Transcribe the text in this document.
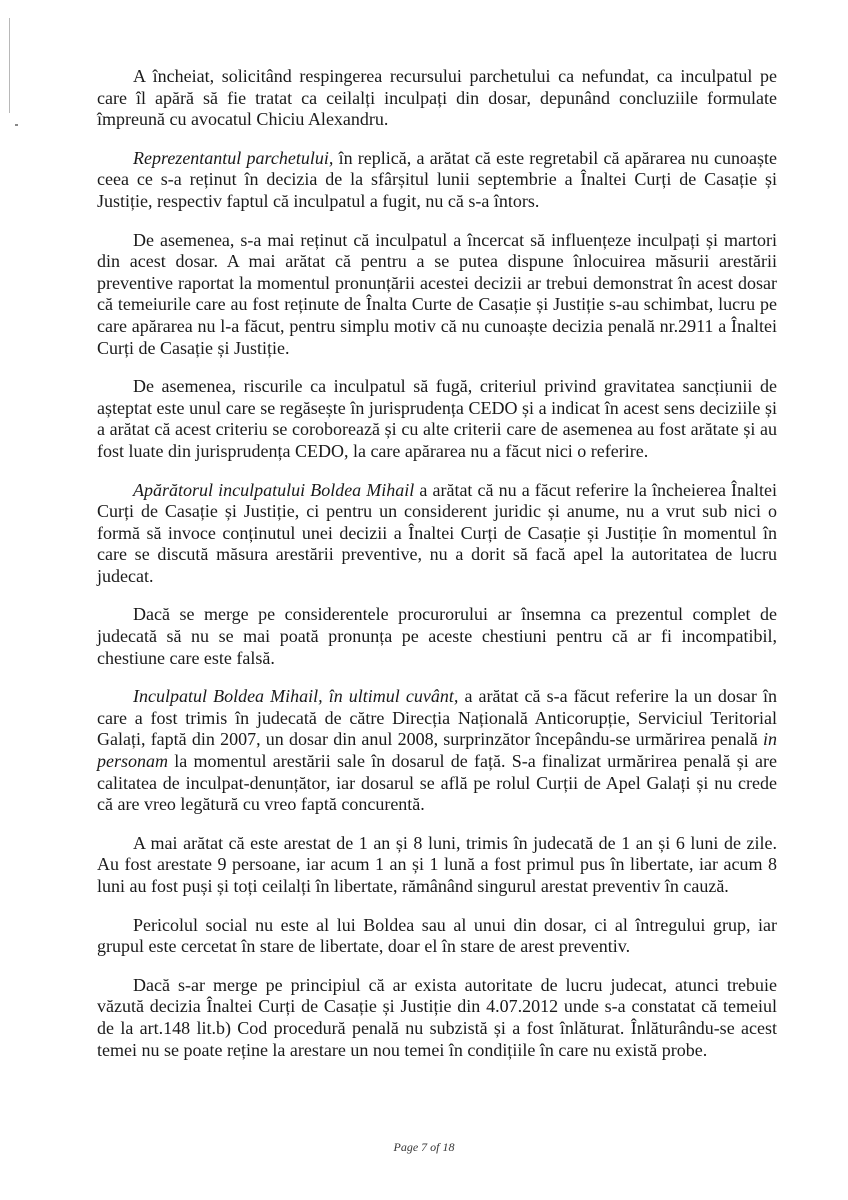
A încheiat, solicitând respingerea recursului parchetului ca nefundat, ca inculpatul pe care îl apără să fie tratat ca ceilalți inculpați din dosar, depunând concluziile formulate împreună cu avocatul Chiciu Alexandru.

Reprezentantul parchetului, în replică, a arătat că este regretabil că apărarea nu cunoaște ceea ce s-a reținut în decizia de la sfârșitul lunii septembrie a Înaltei Curți de Casație și Justiție, respectiv faptul că inculpatul a fugit, nu că s-a întors.

De asemenea, s-a mai reținut că inculpatul a încercat să influențeze inculpați și martori din acest dosar. A mai arătat că pentru a se putea dispune înlocuirea măsurii arestării preventive raportat la momentul pronunțării acestei decizii ar trebui demonstrat în acest dosar că temeiurile care au fost reținute de Înalta Curte de Casație și Justiție s-au schimbat, lucru pe care apărarea nu l-a făcut, pentru simplu motiv că nu cunoaște decizia penală nr.2911 a Înaltei Curți de Casație și Justiție.

De asemenea, riscurile ca inculpatul să fugă, criteriul privind gravitatea sancțiunii de așteptat este unul care se regăsește în jurisprudența CEDO și a indicat în acest sens deciziile și a arătat că acest criteriu se coroborează și cu alte criterii care de asemenea au fost arătate și au fost luate din jurisprudența CEDO, la care apărarea nu a făcut nici o referire.

Apărătorul inculpatului Boldea Mihail a arătat că nu a făcut referire la încheierea Înaltei Curți de Casație și Justiție, ci pentru un considerent juridic și anume, nu a vrut sub nici o formă să invoce conținutul unei decizii a Înaltei Curți de Casație și Justiție în momentul în care se discută măsura arestării preventive, nu a dorit să facă apel la autoritatea de lucru judecat.

Dacă se merge pe considerentele procurorului ar însemna ca prezentul complet de judecată să nu se mai poată pronunța pe aceste chestiuni pentru că ar fi incompatibil, chestiune care este falsă.

Inculpatul Boldea Mihail, în ultimul cuvânt, a arătat că s-a făcut referire la un dosar în care a fost trimis în judecată de către Direcția Națională Anticorupție, Serviciul Teritorial Galați, faptă din 2007, un dosar din anul 2008, surprinzător începându-se urmărirea penală in personam la momentul arestării sale în dosarul de față. S-a finalizat urmărirea penală și are calitatea de inculpat-denunțător, iar dosarul se află pe rolul Curții de Apel Galați și nu crede că are vreo legătură cu vreo faptă concurentă.

A mai arătat că este arestat de 1 an și 8 luni, trimis în judecată de 1 an și 6 luni de zile. Au fost arestate 9 persoane, iar acum 1 an și 1 lună a fost primul pus în libertate, iar acum 8 luni au fost puși și toți ceilalți în libertate, rămânând singurul arestat preventiv în cauză.

Pericolul social nu este al lui Boldea sau al unui din dosar, ci al întregului grup, iar grupul este cercetat în stare de libertate, doar el în stare de arest preventiv.

Dacă s-ar merge pe principiul că ar exista autoritate de lucru judecat, atunci trebuie văzută decizia Înaltei Curți de Casație și Justiție din 4.07.2012 unde s-a constatat că temeiul de la art.148 lit.b) Cod procedură penală nu subzistă și a fost înlăturat. Înlăturându-se acest temei nu se poate reține la arestare un nou temei în condițiile în care nu există probe.

Page 7 of 18
